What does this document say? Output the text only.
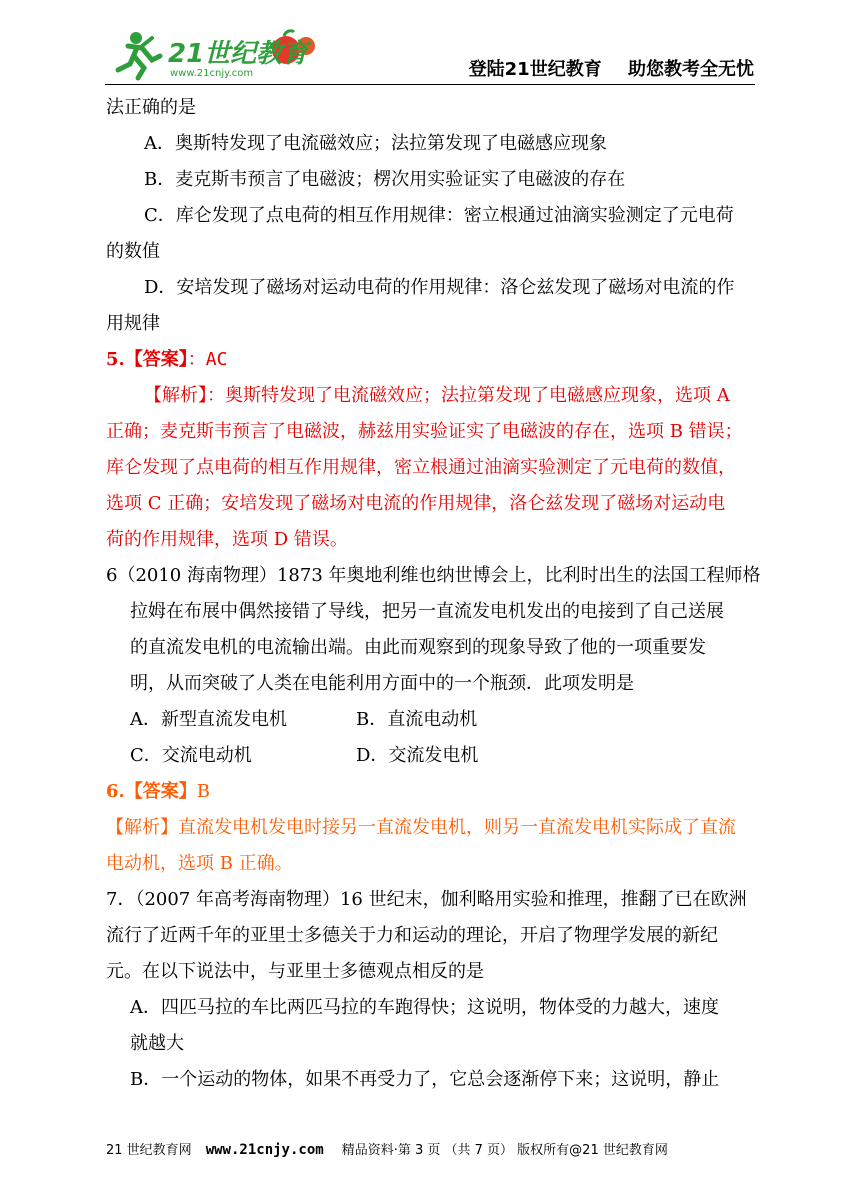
21世纪教育
www.21cnjy.com	登陆21世纪教育 助您教考全无忧
法正确的是
A．奥斯特发现了电流磁效应；法拉第发现了电磁感应现象
B．麦克斯韦预言了电磁波；楞次用实验证实了电磁波的存在
C．库仑发现了点电荷的相互作用规律：密立根通过油滴实验测定了元电荷
的数值
D．安培发现了磁场对运动电荷的作用规律：洛仑兹发现了磁场对电流的作
用规律
5.【答案】：AC
【解析】：奥斯特发现了电流磁效应；法拉第发现了电磁感应现象，选项 A
正确；麦克斯韦预言了电磁波，赫兹用实验证实了电磁波的存在，选项 B 错误；
库仑发现了点电荷的相互作用规律，密立根通过油滴实验测定了元电荷的数值，
选项 C 正确；安培发现了磁场对电流的作用规律，洛仑兹发现了磁场对运动电
荷的作用规律，选项 D 错误。
6（2010 海南物理）1873 年奥地利维也纳世博会上，比利时出生的法国工程师格
拉姆在布展中偶然接错了导线，把另一直流发电机发出的电接到了自己送展
的直流发电机的电流输出端。由此而观察到的现象导致了他的一项重要发
明，从而突破了人类在电能利用方面中的一个瓶颈．此项发明是
A．新型直流发电机	B．直流电动机
C．交流电动机	D．交流发电机
6.【答案】B
【解析】直流发电机发电时接另一直流发电机，则另一直流发电机实际成了直流
电动机，选项 B 正确。
7．（2007 年高考海南物理）16 世纪末，伽利略用实验和推理，推翻了已在欧洲
流行了近两千年的亚里士多德关于力和运动的理论，开启了物理学发展的新纪
元。在以下说法中，与亚里士多德观点相反的是
A．四匹马拉的车比两匹马拉的车跑得快；这说明，物体受的力越大，速度
就越大
B．一个运动的物体，如果不再受力了，它总会逐渐停下来；这说明，静止
21 世纪教育网 www.21cnjy.com 精品资料·第 3 页 （共 7 页） 版权所有@21 世纪教育网
